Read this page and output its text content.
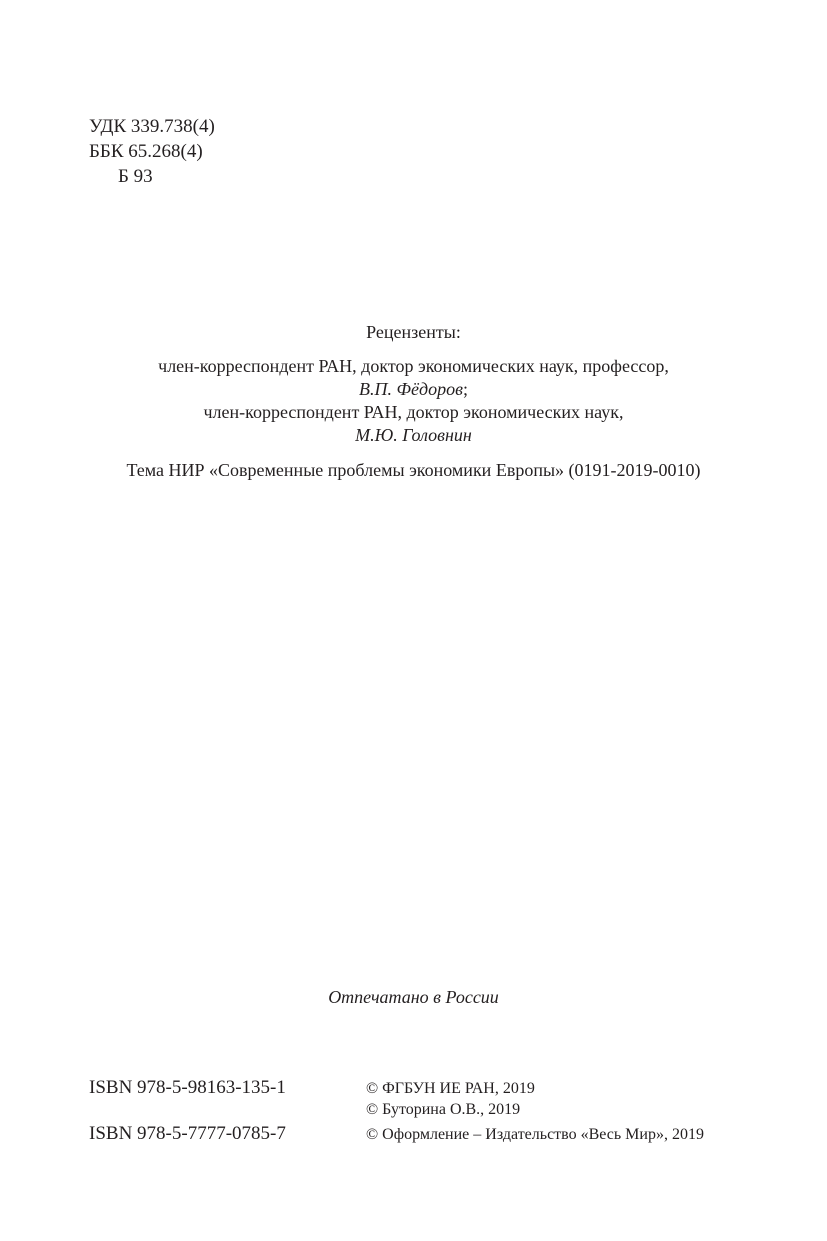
УДК 339.738(4)
ББК 65.268(4)
Б 93
Рецензенты:
член-корреспондент РАН, доктор экономических наук, профессор,
В.П. Фёдоров;
член-корреспондент РАН, доктор экономических наук,
М.Ю. Головнин
Тема НИР «Современные проблемы экономики Европы» (0191-2019-0010)
Отпечатано в России
ISBN 978-5-98163-135-1
ISBN 978-5-7777-0785-7
© ФГБУН ИЕ РАН, 2019
© Буторина О.В., 2019
© Оформление – Издательство «Весь Мир», 2019
